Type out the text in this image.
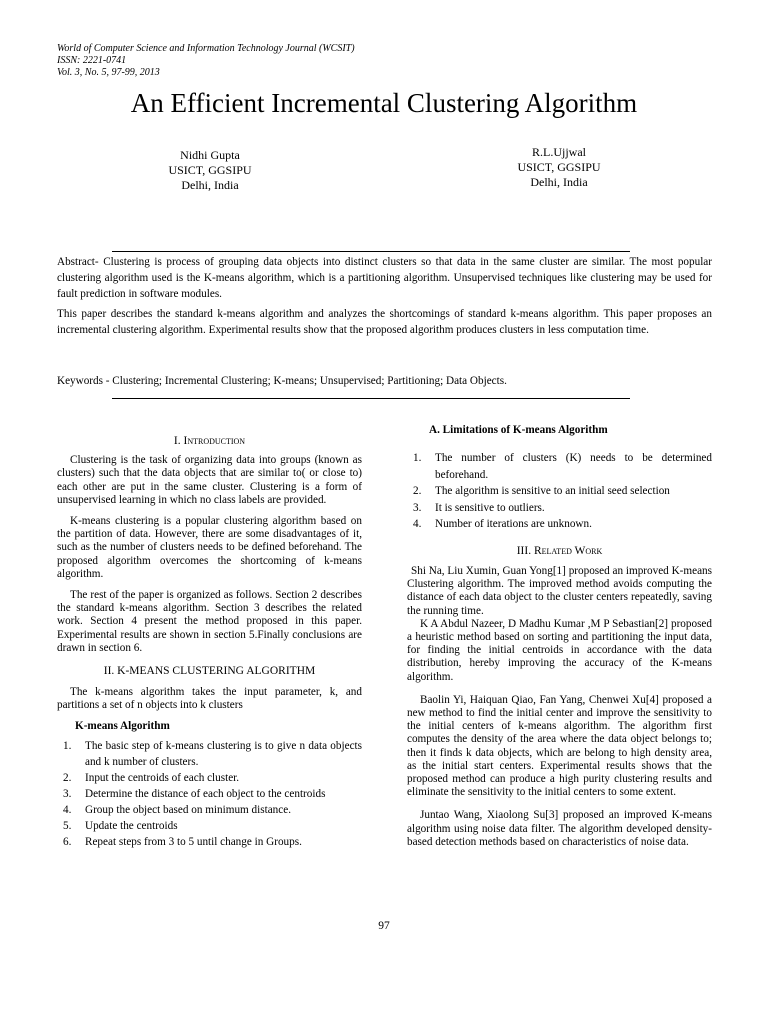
World of Computer Science and Information Technology Journal (WCSIT)
ISSN: 2221-0741
Vol. 3, No. 5, 97-99, 2013
An Efficient Incremental Clustering Algorithm
Nidhi Gupta
USICT, GGSIPU
Delhi, India
R.L.Ujjwal
USICT, GGSIPU
Delhi, India

Abstract- Clustering is process of grouping data objects into distinct clusters so that data in the same cluster are similar. The most popular clustering algorithm used is the K-means algorithm, which is a partitioning algorithm. Unsupervised techniques like clustering may be used for fault prediction in software modules.

This paper describes the standard k-means algorithm and analyzes the shortcomings of standard k-means algorithm. This paper proposes an incremental clustering algorithm. Experimental results show that the proposed algorithm produces clusters in less computation time.

Keywords - Clustering; Incremental Clustering; K-means; Unsupervised; Partitioning; Data Objects.

I. Introduction

Clustering is the task of organizing data into groups (known as clusters) such that the data objects that are similar to( or close to) each other are put in the same cluster. Clustering is a form of unsupervised learning in which no class labels are provided.

K-means clustering is a popular clustering algorithm based on the partition of data. However, there are some disadvantages of it, such as the number of clusters needs to be defined beforehand. The proposed algorithm overcomes the shortcoming of k-means algorithm.

The rest of the paper is organized as follows. Section 2 describes the standard k-means algorithm. Section 3 describes the related work. Section 4 present the method proposed in this paper. Experimental results are shown in section 5.Finally conclusions are drawn in section 6.

II. K-MEANS CLUSTERING ALGORITHM

The k-means algorithm takes the input parameter, k, and partitions a set of n objects into k clusters

K-means Algorithm

1. The basic step of k-means clustering is to give n data objects and k number of clusters.
2. Input the centroids of each cluster.
3. Determine the distance of each object to the centroids
4. Group the object based on minimum distance.
5. Update the centroids
6. Repeat steps from 3 to 5 until change in Groups.

A. Limitations of K-means Algorithm

1. The number of clusters (K) needs to be determined beforehand.
2. The algorithm is sensitive to an initial seed selection
3. It is sensitive to outliers.
4. Number of iterations are unknown.

III. Related Work

Shi Na, Liu Xumin, Guan Yong[1] proposed an improved K-means Clustering algorithm. The improved method avoids computing the distance of each data object to the cluster centers repeatedly, saving the running time.

K A Abdul Nazeer, D Madhu Kumar ,M P Sebastian[2] proposed a heuristic method based on sorting and partitioning the input data, for finding the initial centroids in accordance with the data distribution, hereby improving the accuracy of the K-means algorithm.

Baolin Yi, Haiquan Qiao, Fan Yang, Chenwei Xu[4] proposed a new method to find the initial center and improve the sensitivity to the initial centers of k-means algorithm. The algorithm first computes the density of the area where the data object belongs to; then it finds k data objects, which are belong to high density area, as the initial start centers. Experimental results shows that the proposed method can produce a high purity clustering results and eliminate the sensitivity to the initial centers to some extent.

Juntao Wang, Xiaolong Su[3] proposed an improved K-means algorithm using noise data filter. The algorithm developed density-based detection methods based on characteristics of noise data.

97
